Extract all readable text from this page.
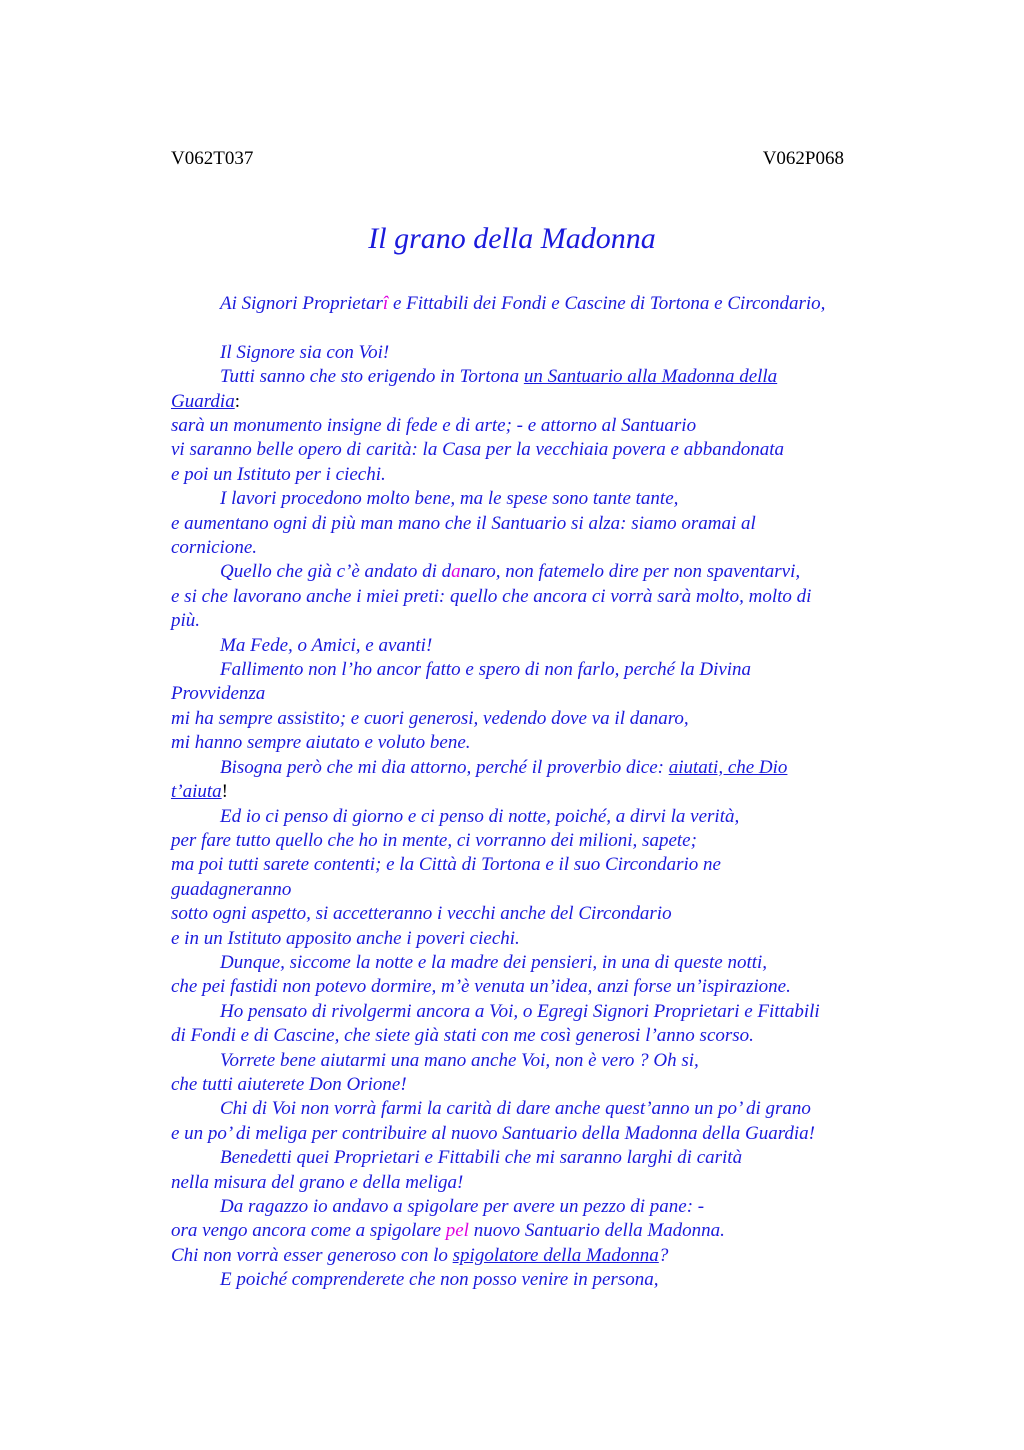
V062T037	V062P068
Il grano della Madonna
Ai Signori Proprietarî e Fittabili dei Fondi e Cascine di Tortona e Circondario,
Il Signore sia con Voi!
Tutti sanno che sto erigendo in Tortona un Santuario alla Madonna della
Guardia:
sarà un monumento insigne di fede e di arte; - e attorno al Santuario
vi saranno belle opero di carità: la Casa per la vecchiaia povera e abbandonata
e poi un Istituto per i ciechi.
I lavori procedono molto bene, ma le spese sono tante tante,
e aumentano ogni di più man mano che il Santuario si alza: siamo oramai al
cornicione.
Quello che già c’è andato di danaro, non fatemelo dire per non spaventarvi,
e si che lavorano anche i miei preti: quello che ancora ci vorrà sarà molto, molto di
più.
Ma Fede, o Amici, e avanti!
Fallimento non l’ho ancor fatto e spero di non farlo, perché la Divina
Provvidenza
mi ha sempre assistito; e cuori generosi, vedendo dove va il danaro,
mi hanno sempre aiutato e voluto bene.
Bisogna però che mi dia attorno, perché il proverbio dice: aiutati, che Dio
t’aiuta!
Ed io ci penso di giorno e ci penso di notte, poiché, a dirvi la verità,
per fare tutto quello che ho in mente, ci vorranno dei milioni, sapete;
ma poi tutti sarete contenti; e la Città di Tortona e il suo Circondario ne
guadagneranno
sotto ogni aspetto, si accetteranno i vecchi anche del Circondario
e in un Istituto apposito anche i poveri ciechi.
Dunque, siccome la notte e la madre dei pensieri, in una di queste notti,
che pei fastidi non potevo dormire, m’è venuta un’idea, anzi forse un’ispirazione.
Ho pensato di rivolgermi ancora a Voi, o Egregi Signori Proprietari e Fittabili
di Fondi e di Cascine, che siete già stati con me così generosi l’anno scorso.
Vorrete bene aiutarmi una mano anche Voi, non è vero ? Oh si,
che tutti aiuterete Don Orione!
Chi di Voi non vorrà farmi la carità di dare anche quest’anno un po’ di grano
e un po’ di meliga per contribuire al nuovo Santuario della Madonna della Guardia!
Benedetti quei Proprietari e Fittabili che mi saranno larghi di carità
nella misura del grano e della meliga!
Da ragazzo io andavo a spigolare per avere un pezzo di pane: -
ora vengo ancora come a spigolare pel nuovo Santuario della Madonna.
Chi non vorrà esser generoso con lo spigolatore della Madonna?
E poiché comprenderete che non posso venire in persona,
